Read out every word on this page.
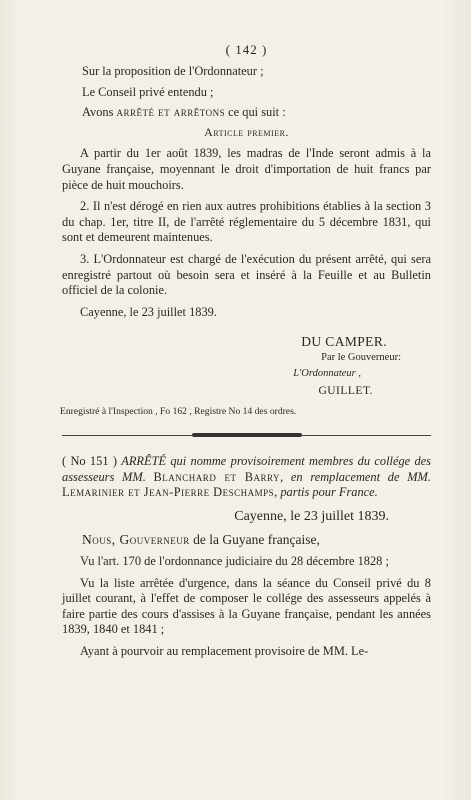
( 142 )

Sur la proposition de l'Ordonnateur ;

Le Conseil privé entendu ;

Avons arrêté et arrêtons ce qui suit :

Article premier.

A partir du 1er août 1839, les madras de l'Inde seront admis à la Guyane française, moyennant le droit d'importation de huit francs par pièce de huit mouchoirs.

2. Il n'est dérogé en rien aux autres prohibitions établies à la section 3 du chap. 1er, titre II, de l'arrêté réglementaire du 5 décembre 1831, qui sont et demeurent maintenues.

3. L'Ordonnateur est chargé de l'exécution du présent arrêté, qui sera enregistré partout où besoin sera et inséré à la Feuille et au Bulletin officiel de la colonie.

Cayenne, le 23 juillet 1839.

DU CAMPER.

Par le Gouverneur:

L'Ordonnateur ,

GUILLET.

Enregistré à l'Inspection , Fo 162 , Registre No 14 des ordres.

( No 151 ) ARRÊTÉ qui nomme provisoirement membres du collége des assesseurs MM. Blanchard et Barry, en remplacement de MM. Lemarinier et Jean-Pierre Deschamps, partis pour France.

Cayenne, le 23 juillet 1839.

Nous, Gouverneur de la Guyane française,

Vu l'art. 170 de l'ordonnance judiciaire du 28 décembre 1828 ;

Vu la liste arrêtée d'urgence, dans la séance du Conseil privé du 8 juillet courant, à l'effet de composer le collége des assesseurs appelés à faire partie des cours d'assises à la Guyane française, pendant les années 1839, 1840 et 1841 ;

Ayant à pourvoir au remplacement provisoire de MM. Le-
